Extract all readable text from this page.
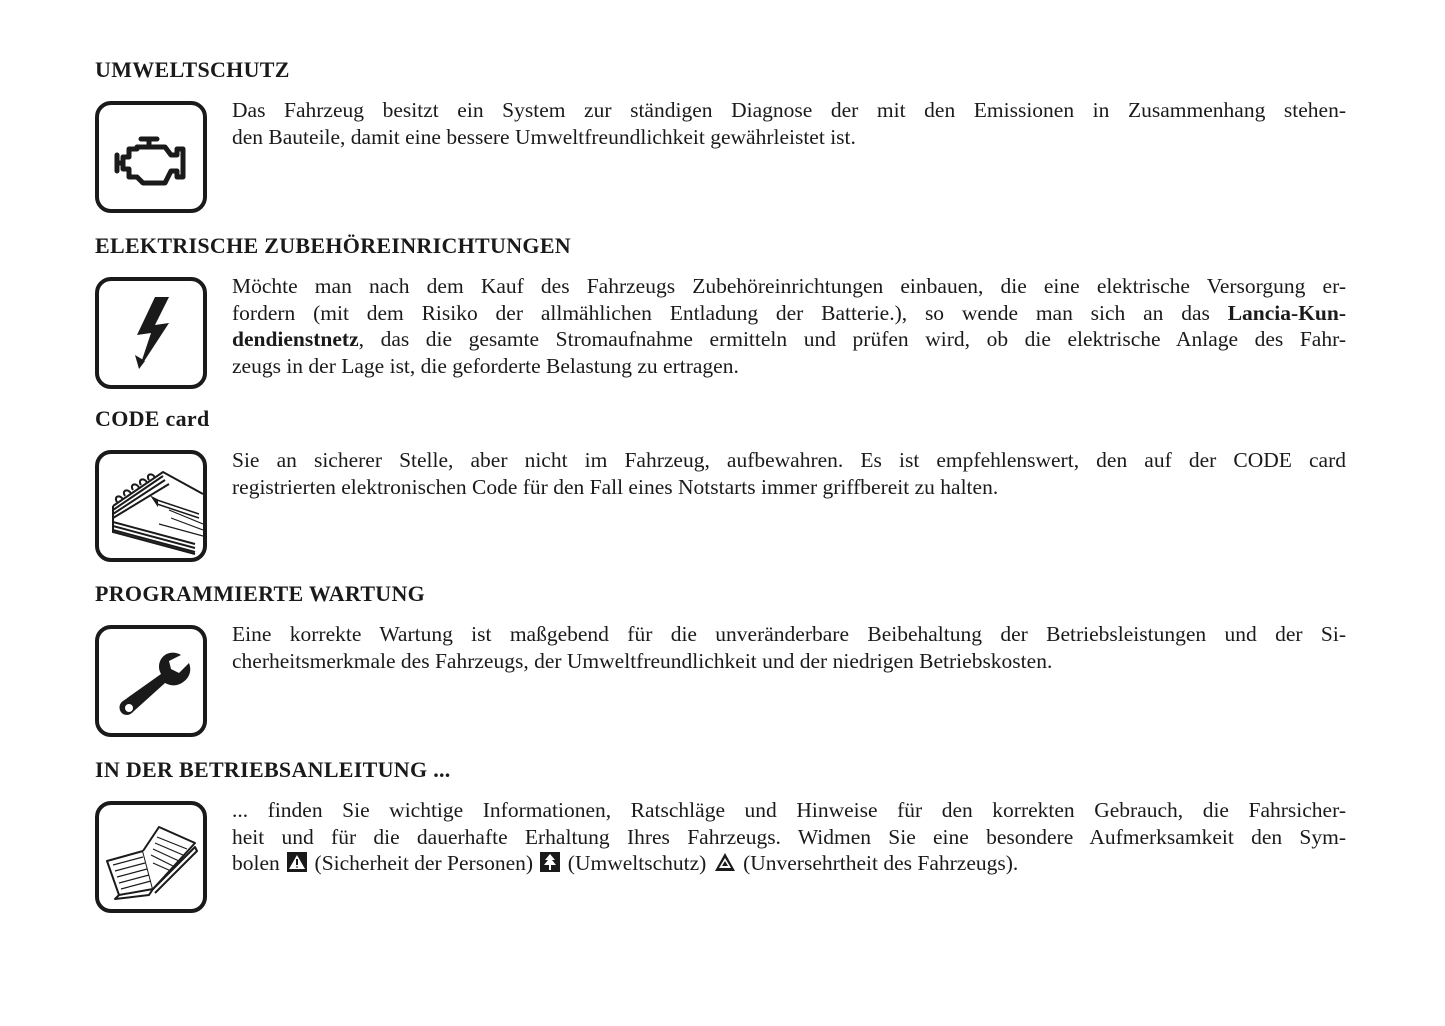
UMWELTSCHUTZ

Das Fahrzeug besitzt ein System zur ständigen Diagnose der mit den Emissionen in Zusammenhang stehen-
den Bauteile, damit eine bessere Umweltfreundlichkeit gewährleistet ist.

ELEKTRISCHE ZUBEHÖREINRICHTUNGEN

Möchte man nach dem Kauf des Fahrzeugs Zubehöreinrichtungen einbauen, die eine elektrische Versorgung er-
fordern (mit dem Risiko der allmählichen Entladung der Batterie.), so wende man sich an das Lancia-Kun-
dendienstnetz, das die gesamte Stromaufnahme ermitteln und prüfen wird, ob die elektrische Anlage des Fahr-
zeugs in der Lage ist, die geforderte Belastung zu ertragen.

CODE card

Sie an sicherer Stelle, aber nicht im Fahrzeug, aufbewahren. Es ist empfehlenswert, den auf der CODE card
registrierten elektronischen Code für den Fall eines Notstarts immer griffbereit zu halten.

PROGRAMMIERTE WARTUNG

Eine korrekte Wartung ist maßgebend für die unveränderbare Beibehaltung der Betriebsleistungen und der Si-
cherheitsmerkmale des Fahrzeugs, der Umweltfreundlichkeit und der niedrigen Betriebskosten.

IN DER BETRIEBSANLEITUNG ...

... finden Sie wichtige Informationen, Ratschläge und Hinweise für den korrekten Gebrauch, die Fahrsicher-
heit und für die dauerhafte Erhaltung Ihres Fahrzeugs. Widmen Sie eine besondere Aufmerksamkeit den Sym-
bolen (Sicherheit der Personen) (Umweltschutz) (Unversehrtheit des Fahrzeugs).
